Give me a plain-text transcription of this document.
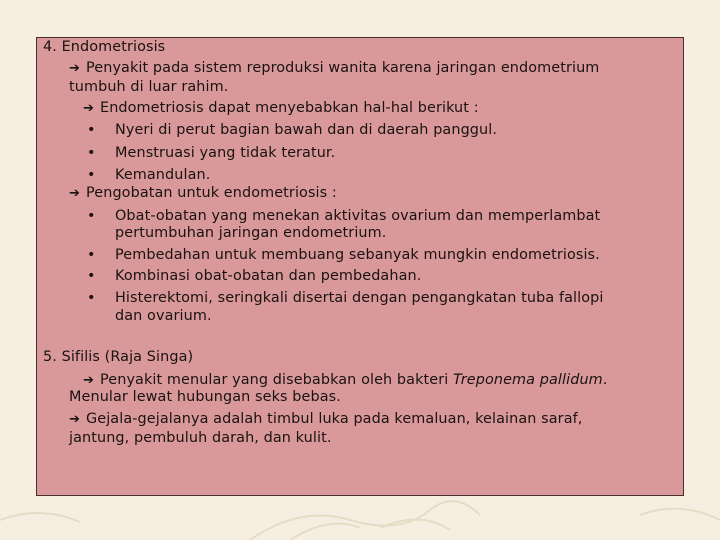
4. Endometriosis
➔ Penyakit pada sistem reproduksi wanita karena jaringan endometrium
tumbuh di luar rahim.
➔ Endometriosis dapat menyebabkan hal-hal berikut :
• Nyeri di perut bagian bawah dan di daerah panggul.
• Menstruasi yang tidak teratur.
• Kemandulan.
➔ Pengobatan untuk endometriosis :
• Obat-obatan yang menekan aktivitas ovarium dan memperlambat
pertumbuhan jaringan endometrium.
• Pembedahan untuk membuang sebanyak mungkin endometriosis.
• Kombinasi obat-obatan dan pembedahan.
• Histerektomi, seringkali disertai dengan pengangkatan tuba fallopi
dan ovarium.
5. Sifilis (Raja Singa)
➔ Penyakit menular yang disebabkan oleh bakteri Treponema pallidum.
Menular lewat hubungan seks bebas.
➔ Gejala-gejalanya adalah timbul luka pada kemaluan, kelainan saraf,
jantung, pembuluh darah, dan kulit.
